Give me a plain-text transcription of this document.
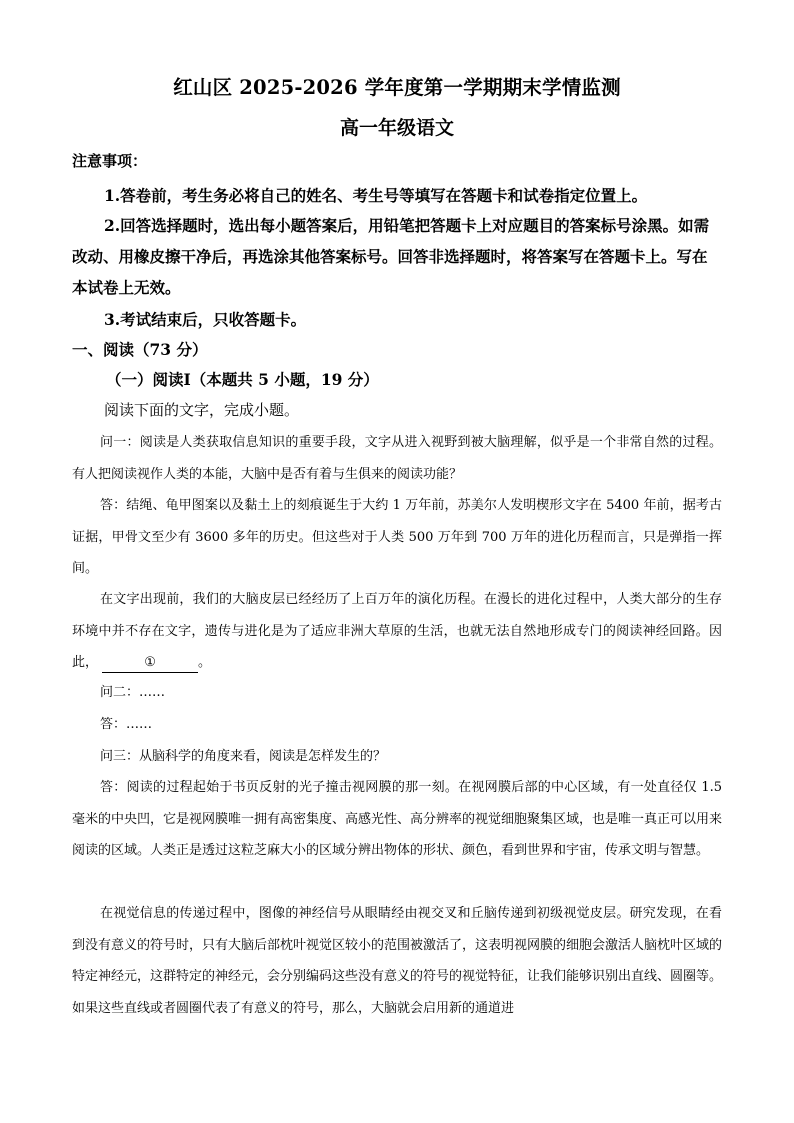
红山区 2025-2026 学年度第一学期期末学情监测
高一年级语文
注意事项：
1.答卷前，考生务必将自己的姓名、考生号等填写在答题卡和试卷指定位置上。
2.回答选择题时，选出每小题答案后，用铅笔把答题卡上对应题目的答案标号涂黑。如需改动、用橡皮擦干净后，再选涂其他答案标号。回答非选择题时，将答案写在答题卡上。写在本试卷上无效。
3.考试结束后，只收答题卡。
一、阅读（73 分）
（一）阅读Ⅰ（本题共 5 小题，19 分）
阅读下面的文字，完成小题。
问一：阅读是人类获取信息知识的重要手段，文字从进入视野到被大脑理解，似乎是一个非常自然的过程。有人把阅读视作人类的本能，大脑中是否有着与生俱来的阅读功能？
答：结绳、龟甲图案以及黏土上的刻痕诞生于大约 1 万年前，苏美尔人发明楔形文字在 5400 年前，据考古证据，甲骨文至少有 3600 多年的历史。但这些对于人类 500 万年到 700 万年的进化历程而言，只是弹指一挥间。
在文字出现前，我们的大脑皮层已经经历了上百万年的演化历程。在漫长的进化过程中，人类大部分的生存环境中并不存在文字，遗传与进化是为了适应非洲大草原的生活，也就无法自然地形成专门的阅读神经回路。因此，	①	。
问二：……
答：……
问三：从脑科学的角度来看，阅读是怎样发生的？
答：阅读的过程起始于书页反射的光子撞击视网膜的那一刻。在视网膜后部的中心区域，有一处直径仅 1.5 毫米的中央凹，它是视网膜唯一拥有高密集度、高感光性、高分辨率的视觉细胞聚集区域，也是唯一真正可以用来阅读的区域。人类正是透过这粒芝麻大小的区域分辨出物体的形状、颜色，看到世界和宇宙，传承文明与智慧。
在视觉信息的传递过程中，图像的神经信号从眼睛经由视交叉和丘脑传递到初级视觉皮层。研究发现，在看到没有意义的符号时，只有大脑后部枕叶视觉区较小的范围被激活了，这表明视网膜的细胞会激活人脑枕叶区域的特定神经元，这群特定的神经元，会分别编码这些没有意义的符号的视觉特征，让我们能够识别出直线、圆圈等。如果这些直线或者圆圈代表了有意义的符号，那么，大脑就会启用新的通道进
